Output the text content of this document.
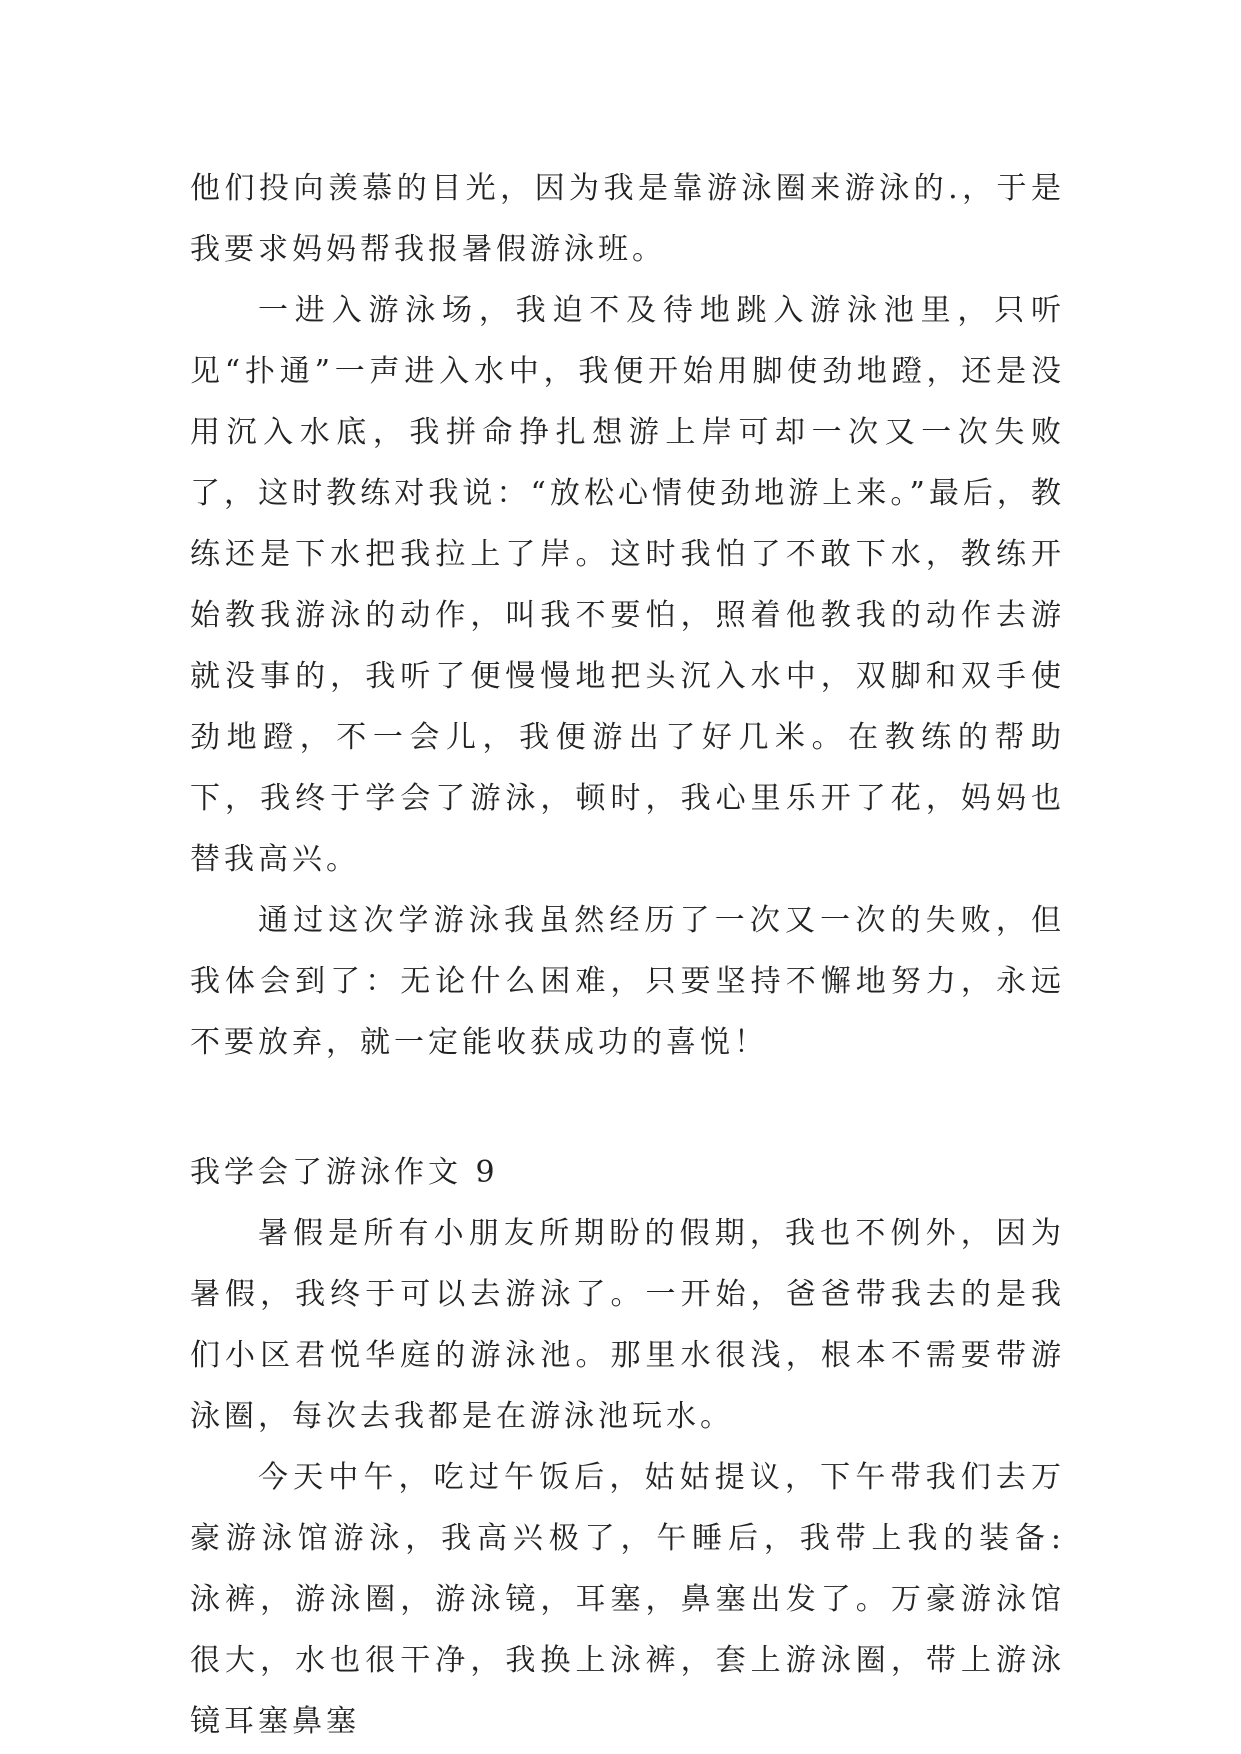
他们投向羡慕的目光，因为我是靠游泳圈来游泳的.，于是我要求妈妈帮我报暑假游泳班。

一进入游泳场，我迫不及待地跳入游泳池里，只听见“扑通”一声进入水中，我便开始用脚使劲地蹬，还是没用沉入水底，我拼命挣扎想游上岸可却一次又一次失败了，这时教练对我说：“放松心情使劲地游上来。”最后，教练还是下水把我拉上了岸。这时我怕了不敢下水，教练开始教我游泳的动作，叫我不要怕，照着他教我的动作去游就没事的，我听了便慢慢地把头沉入水中，双脚和双手使劲地蹬，不一会儿，我便游出了好几米。在教练的帮助下，我终于学会了游泳，顿时，我心里乐开了花，妈妈也替我高兴。

通过这次学游泳我虽然经历了一次又一次的失败，但我体会到了：无论什么困难，只要坚持不懈地努力，永远不要放弃，就一定能收获成功的喜悦！

我学会了游泳作文 9

暑假是所有小朋友所期盼的假期，我也不例外，因为暑假，我终于可以去游泳了。一开始，爸爸带我去的是我们小区君悦华庭的游泳池。那里水很浅，根本不需要带游泳圈，每次去我都是在游泳池玩水。

今天中午，吃过午饭后，姑姑提议，下午带我们去万豪游泳馆游泳，我高兴极了，午睡后，我带上我的装备: 泳裤，游泳圈，游泳镜，耳塞，鼻塞出发了。万豪游泳馆很大，水也很干净，我换上泳裤，套上游泳圈，带上游泳镜耳塞鼻塞
